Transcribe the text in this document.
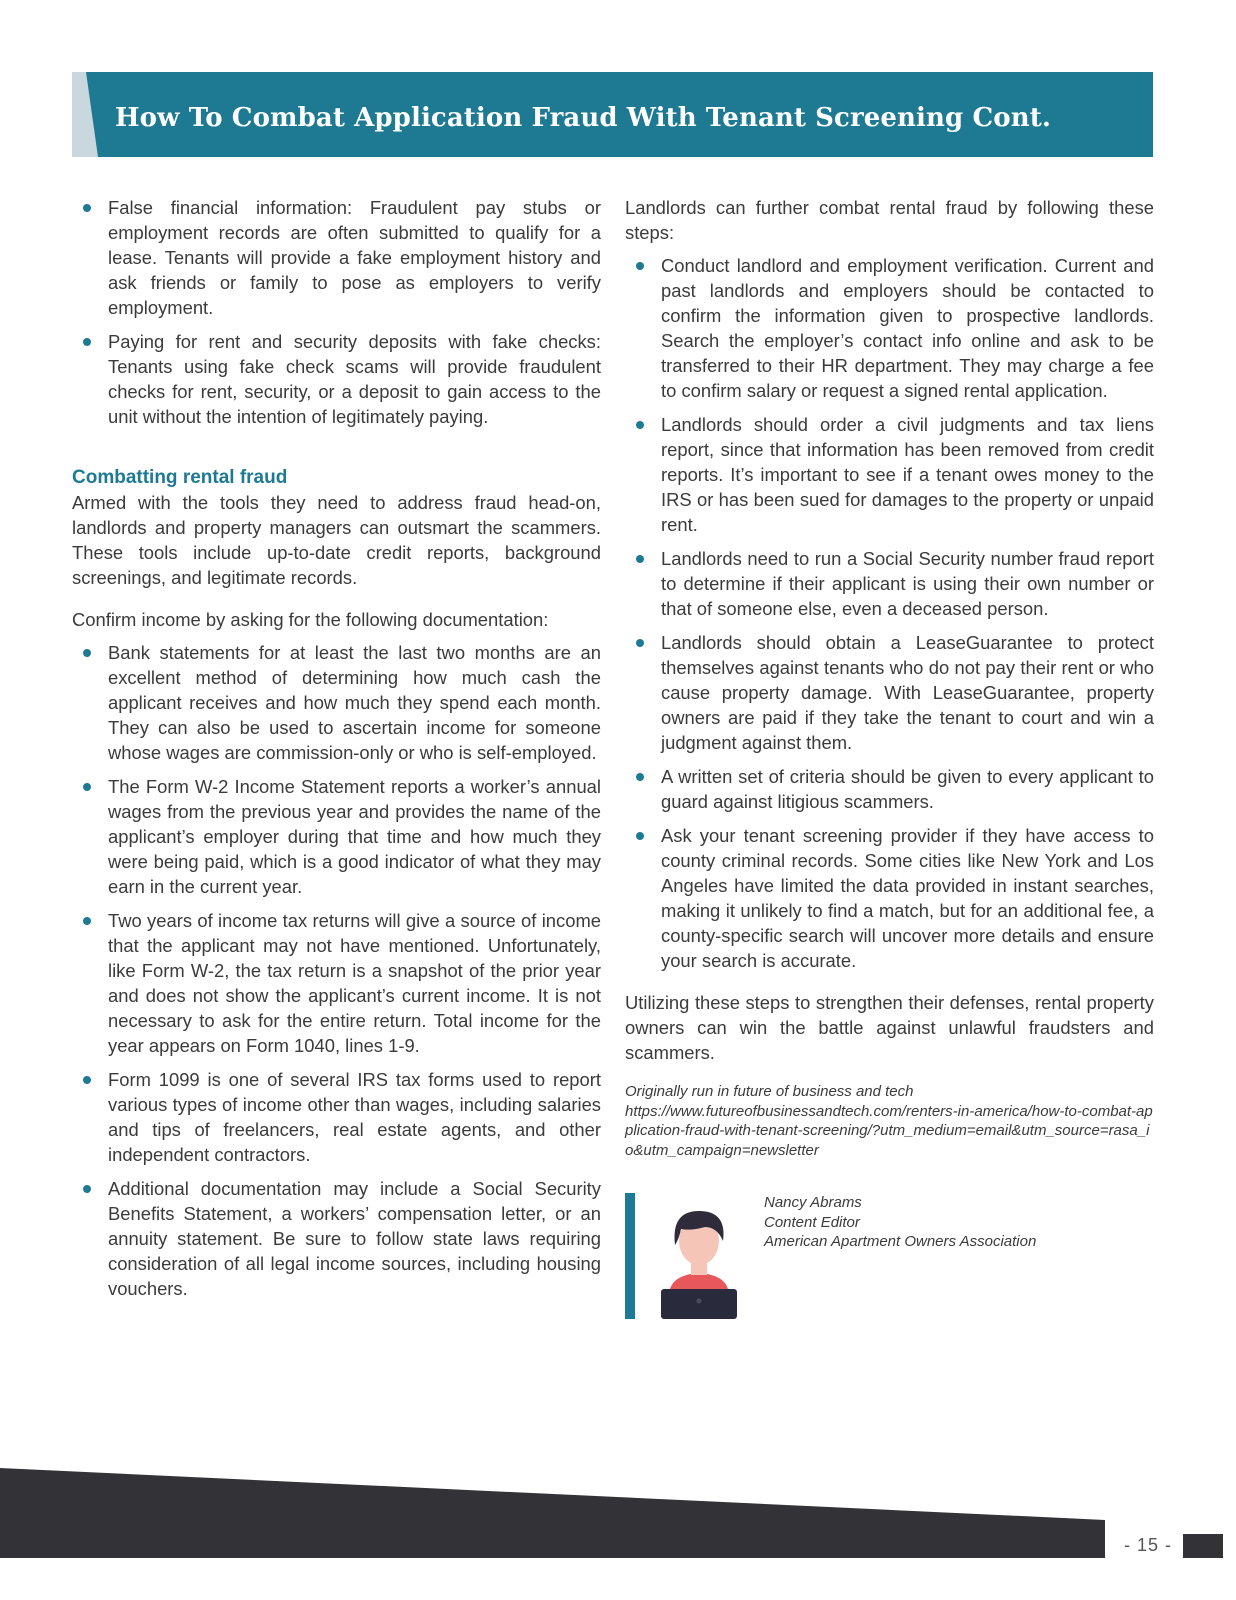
How To Combat Application Fraud With Tenant Screening Cont.
False financial information: Fraudulent pay stubs or employment records are often submitted to qualify for a lease. Tenants will provide a fake employment history and ask friends or family to pose as employers to verify employment.
Paying for rent and security deposits with fake checks: Tenants using fake check scams will provide fraudulent checks for rent, security, or a deposit to gain access to the unit without the intention of legitimately paying.
Combatting rental fraud

Armed with the tools they need to address fraud head-on, landlords and property managers can outsmart the scammers. These tools include up-to-date credit reports, background screenings, and legitimate records.

Confirm income by asking for the following documentation:

Bank statements for at least the last two months are an excellent method of determining how much cash the applicant receives and how much they spend each month. They can also be used to ascertain income for someone whose wages are commission-only or who is self-employed.
The Form W-2 Income Statement reports a worker’s annual wages from the previous year and provides the name of the applicant’s employer during that time and how much they were being paid, which is a good indicator of what they may earn in the current year.
Two years of income tax returns will give a source of income that the applicant may not have mentioned. Unfortunately, like Form W-2, the tax return is a snapshot of the prior year and does not show the applicant’s current income. It is not necessary to ask for the entire return. Total income for the year appears on Form 1040, lines 1-9.
Form 1099 is one of several IRS tax forms used to report various types of income other than wages, including salaries and tips of freelancers, real estate agents, and other independent contractors.
Additional documentation may include a Social Security Benefits Statement, a workers’ compensation letter, or an annuity statement. Be sure to follow state laws requiring consideration of all legal income sources, including housing vouchers.

Landlords can further combat rental fraud by following these steps:

Conduct landlord and employment verification. Current and past landlords and employers should be contacted to confirm the information given to prospective landlords. Search the employer’s contact info online and ask to be transferred to their HR department. They may charge a fee to confirm salary or request a signed rental application.
Landlords should order a civil judgments and tax liens report, since that information has been removed from credit reports. It’s important to see if a tenant owes money to the IRS or has been sued for damages to the property or unpaid rent.
Landlords need to run a Social Security number fraud report to determine if their applicant is using their own number or that of someone else, even a deceased person.
Landlords should obtain a LeaseGuarantee to protect themselves against tenants who do not pay their rent or who cause property damage. With LeaseGuarantee, property owners are paid if they take the tenant to court and win a judgment against them.
A written set of criteria should be given to every applicant to guard against litigious scammers.
Ask your tenant screening provider if they have access to county criminal records. Some cities like New York and Los Angeles have limited the data provided in instant searches, making it unlikely to find a match, but for an additional fee, a county-specific search will uncover more details and ensure your search is accurate.

Utilizing these steps to strengthen their defenses, rental property owners can win the battle against unlawful fraudsters and scammers.

Originally run in future of business and tech
https://www.futureofbusinessandtech.com/renters-in-america/how-to-combat-application-fraud-with-tenant-screening/?utm_medium=email&utm_source=rasa_io&utm_campaign=newsletter
Nancy Abrams
Content Editor
American Apartment Owners Association
- 15 -
